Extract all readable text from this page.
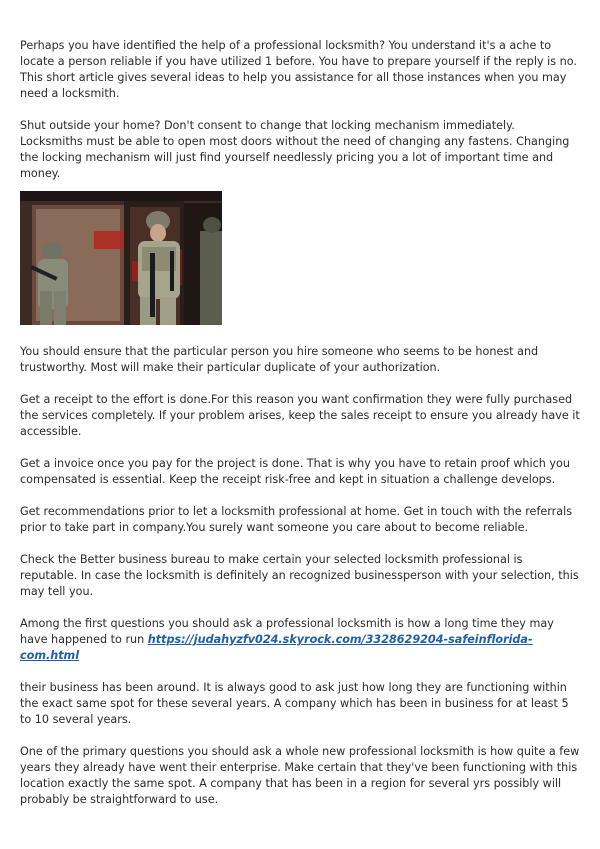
Perhaps you have identified the help of a professional locksmith? You understand it's a ache to locate a person reliable if you have utilized 1 before. You have to prepare yourself if the reply is no. This short article gives several ideas to help you assistance for all those instances when you may need a locksmith.

Shut outside your home? Don't consent to change that locking mechanism immediately. Locksmiths must be able to open most doors without the need of changing any fastens. Changing the locking mechanism will just find yourself needlessly pricing you a lot of important time and money.

You should ensure that the particular person you hire someone who seems to be honest and trustworthy. Most will make their particular duplicate of your authorization.

Get a receipt to the effort is done.For this reason you want confirmation they were fully purchased the services completely. If your problem arises, keep the sales receipt to ensure you already have it accessible.

Get a invoice once you pay for the project is done. That is why you have to retain proof which you compensated is essential. Keep the receipt risk-free and kept in situation a challenge develops.

Get recommendations prior to let a locksmith professional at home. Get in touch with the referrals prior to take part in company.You surely want someone you care about to become reliable.

Check the Better business bureau to make certain your selected locksmith professional is reputable. In case the locksmith is definitely an recognized businessperson with your selection, this may tell you.

Among the first questions you should ask a professional locksmith is how a long time they may have happened to run https://judahyzfv024.skyrock.com/3328629204-safeinflorida-com.html

their business has been around. It is always good to ask just how long they are functioning within the exact same spot for these several years. A company which has been in business for at least 5 to 10 several years.

One of the primary questions you should ask a whole new professional locksmith is how quite a few years they already have went their enterprise. Make certain that they've been functioning with this location exactly the same spot. A company that has been in a region for several yrs possibly will probably be straightforward to use.
